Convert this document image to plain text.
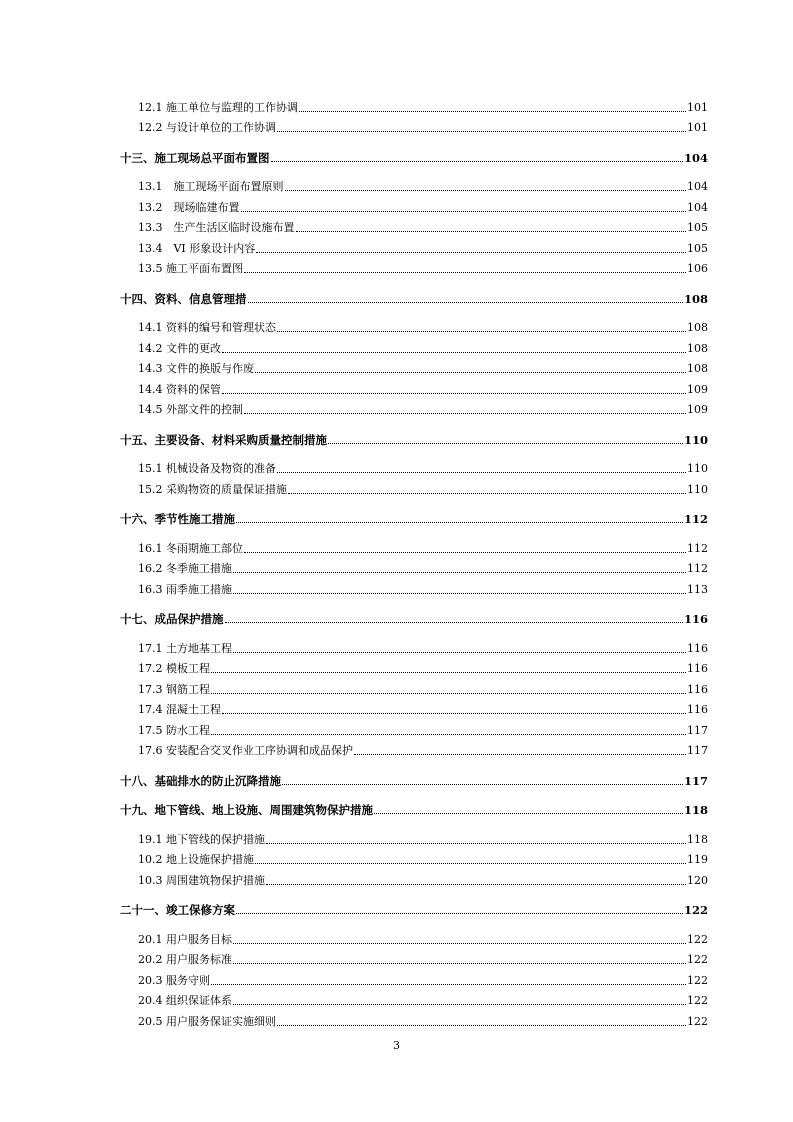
12.1 施工单位与监理的工作协调	101
12.2 与设计单位的工作协调	101
十三、施工现场总平面布置图	104
13.1　施工现场平面布置原则	104
13.2　现场临建布置	104
13.3　生产生活区临时设施布置	105
13.4　VI 形象设计内容	105
13.5 施工平面布置图	106
十四、资料、信息管理措	108
14.1 资料的编号和管理状态	108
14.2 文件的更改	108
14.3 文件的换版与作废	108
14.4 资料的保管	109
14.5 外部文件的控制	109
十五、主要设备、材料采购质量控制措施	110
15.1 机械设备及物资的准备	110
15.2 采购物资的质量保证措施	110
十六、季节性施工措施	112
16.1 冬雨期施工部位	112
16.2 冬季施工措施	112
16.3 雨季施工措施	113
十七、成品保护措施	116
17.1 土方地基工程	116
17.2 模板工程	116
17.3 钢筋工程	116
17.4 混凝土工程	116
17.5 防水工程	117
17.6 安装配合交叉作业工序协调和成品保护	117
十八、基础排水的防止沉降措施	117
十九、地下管线、地上设施、周围建筑物保护措施	118
19.1 地下管线的保护措施	118
10.2 地上设施保护措施	119
10.3 周围建筑物保护措施	120
二十一、竣工保修方案	122
20.1 用户服务目标	122
20.2 用户服务标准	122
20.3 服务守则	122
20.4 组织保证体系	122
20.5 用户服务保证实施细则	122
3
